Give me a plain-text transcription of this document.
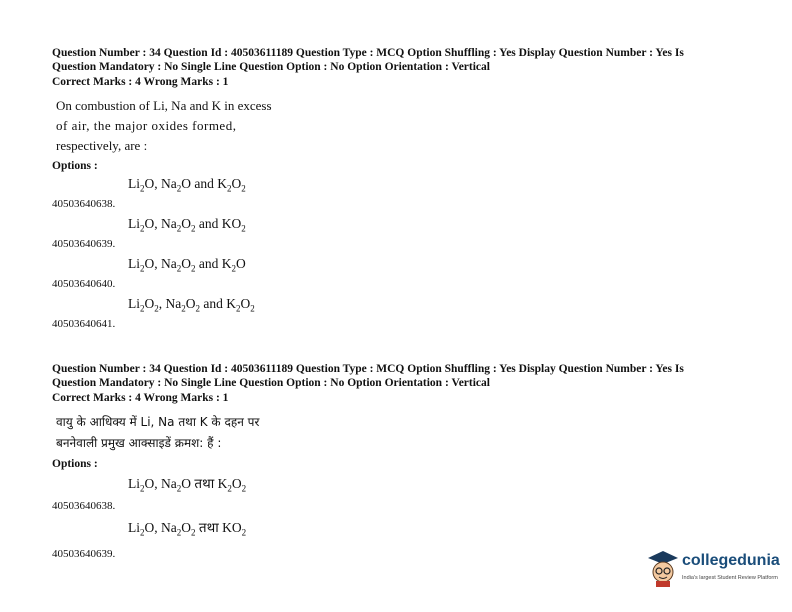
Question Number : 34 Question Id : 40503611189 Question Type : MCQ Option Shuffling : Yes Display Question Number : Yes Is

Question Mandatory : No Single Line Question Option : No Option Orientation : Vertical

Correct Marks : 4 Wrong Marks : 1

On combustion of Li, Na and K in excess
of air, the major oxides formed,
respectively, are :
Options :
40503640638.
$Li_2O$, $Na_2O$ and $K_2O_2$
40503640639.
$Li_2O$, $Na_2O_2$ and $KO_2$
40503640640.
$Li_2O$, $Na_2O_2$ and $K_2O$
40503640641.
$Li_2O_2$, $Na_2O_2$ and $K_2O_2$

Question Number : 34 Question Id : 40503611189 Question Type : MCQ Option Shuffling : Yes Display Question Number : Yes Is

Question Mandatory : No Single Line Question Option : No Option Orientation : Vertical

Correct Marks : 4 Wrong Marks : 1

वायु के आधिक्य में Li, Na तथा K के दहन पर
बननेवाली प्रमुख आक्साइडें क्रमश: हैं :
Options :
40503640638.
$Li_2O$, $Na_2O$ तथा $K_2O_2$
40503640639.
$Li_2O$, $Na_2O_2$ तथा $KO_2$
collegedunia
India's largest Student Review Platform
